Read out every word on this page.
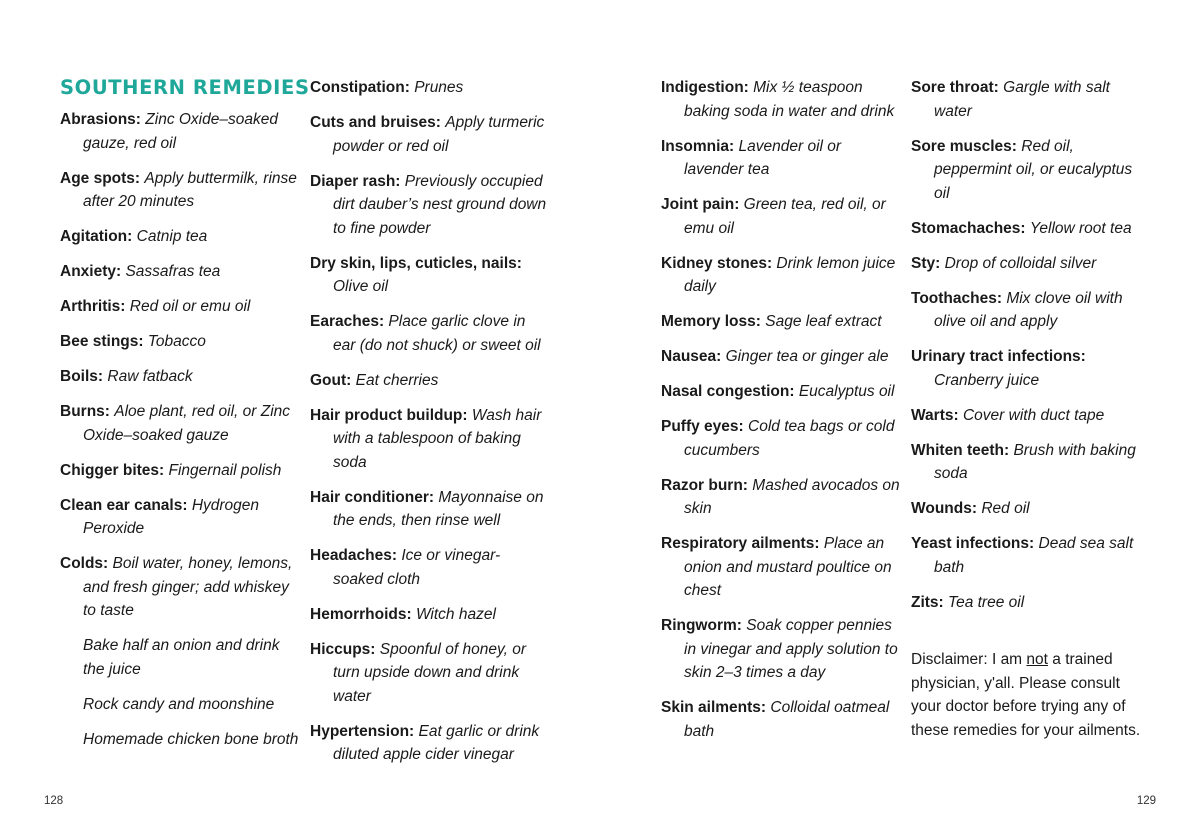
SOUTHERN REMEDIES

Abrasions: Zinc Oxide–soaked gauze, red oil

Age spots: Apply buttermilk, rinse after 20 minutes

Agitation: Catnip tea

Anxiety: Sassafras tea

Arthritis: Red oil or emu oil

Bee stings: Tobacco

Boils: Raw fatback

Burns: Aloe plant, red oil, or Zinc Oxide–soaked gauze

Chigger bites: Fingernail polish

Clean ear canals: Hydrogen Peroxide

Colds: Boil water, honey, lemons, and fresh ginger; add whiskey to taste

Bake half an onion and drink the juice

Rock candy and moonshine

Homemade chicken bone broth

Constipation: Prunes

Cuts and bruises: Apply turmeric powder or red oil

Diaper rash: Previously occupied dirt dauber’s nest ground down to fine powder

Dry skin, lips, cuticles, nails: Olive oil

Earaches: Place garlic clove in ear (do not shuck) or sweet oil

Gout: Eat cherries

Hair product buildup: Wash hair with a tablespoon of baking soda

Hair conditioner: Mayonnaise on the ends, then rinse well

Headaches: Ice or vinegar-soaked cloth

Hemorrhoids: Witch hazel

Hiccups: Spoonful of honey, or turn upside down and drink water

Hypertension: Eat garlic or drink diluted apple cider vinegar

128

Indigestion: Mix ½ teaspoon baking soda in water and drink

Insomnia: Lavender oil or lavender tea

Joint pain: Green tea, red oil, or emu oil

Kidney stones: Drink lemon juice daily

Memory loss: Sage leaf extract

Nausea: Ginger tea or ginger ale

Nasal congestion: Eucalyptus oil

Puffy eyes: Cold tea bags or cold cucumbers

Razor burn: Mashed avocados on skin

Respiratory ailments: Place an onion and mustard poultice on chest

Ringworm: Soak copper pennies in vinegar and apply solution to skin 2–3 times a day

Skin ailments: Colloidal oatmeal bath

Sore throat: Gargle with salt water

Sore muscles: Red oil, peppermint oil, or eucalyptus oil

Stomachaches: Yellow root tea

Sty: Drop of colloidal silver

Toothaches: Mix clove oil with olive oil and apply

Urinary tract infections: Cranberry juice

Warts: Cover with duct tape

Whiten teeth: Brush with baking soda

Wounds: Red oil

Yeast infections: Dead sea salt bath

Zits: Tea tree oil

Disclaimer: I am not a trained physician, y'all. Please consult your doctor before trying any of these remedies for your ailments.

129
